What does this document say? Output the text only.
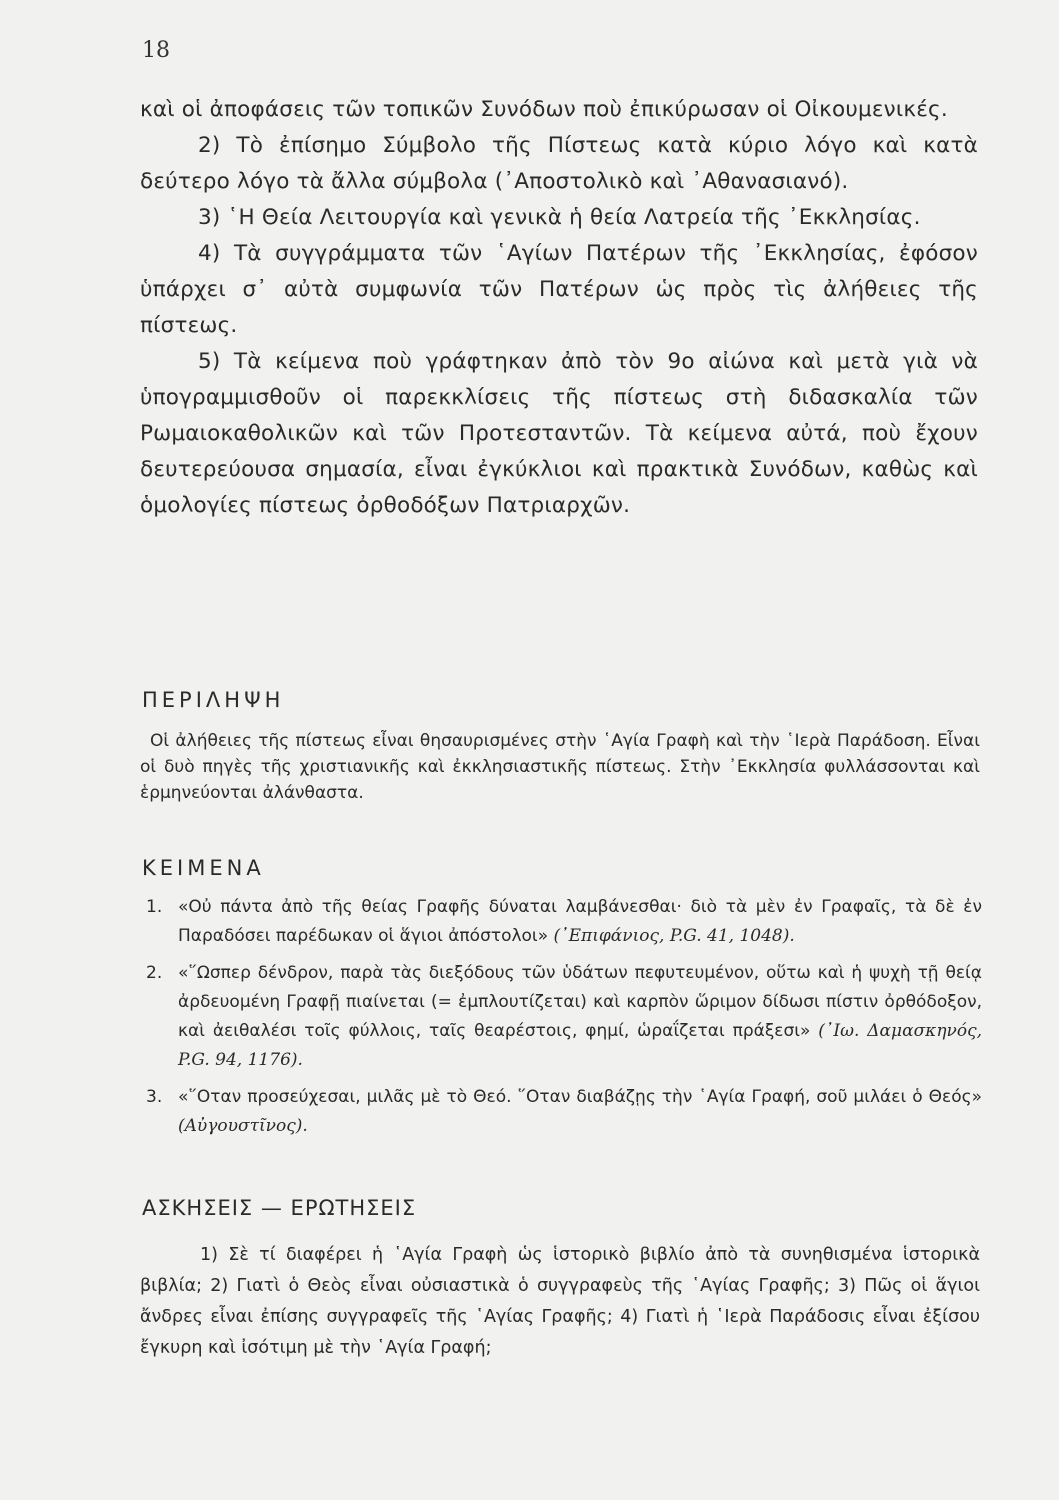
18

καὶ οἱ ἀποφάσεις τῶν τοπικῶν Συνόδων ποὺ ἐπικύρωσαν οἱ Οἰκουμενικές.

2) Τὸ ἐπίσημο Σύμβολο τῆς Πίστεως κατὰ κύριο λόγο καὶ κατὰ δεύτερο λόγο τὰ ἄλλα σύμβολα (᾿Αποστολικὸ καὶ ᾿Αθανασιανό).

3) ῾Η Θεία Λειτουργία καὶ γενικὰ ἡ θεία Λατρεία τῆς ᾿Εκκλησίας.

4) Τὰ συγγράμματα τῶν ῾Αγίων Πατέρων τῆς ᾿Εκκλησίας, ἐφόσον ὑπάρχει σ᾿ αὐτὰ συμφωνία τῶν Πατέρων ὡς πρὸς τὶς ἀλήθειες τῆς πίστεως.

5) Τὰ κείμενα ποὺ γράφτηκαν ἀπὸ τὸν 9ο αἰώνα καὶ μετὰ γιὰ νὰ ὑπογραμμισθοῦν οἱ παρεκκλίσεις τῆς πίστεως στὴ διδασκαλία τῶν Ρωμαιοκαθολικῶν καὶ τῶν Προτεσταντῶν. Τὰ κείμενα αὐτά, ποὺ ἔχουν δευτερεύουσα σημασία, εἶναι ἐγκύκλιοι καὶ πρακτικὰ Συνόδων, καθὼς καὶ ὁμολογίες πίστεως ὀρθοδόξων Πατριαρχῶν.

ΠΕΡΙΛΗΨΗ

Οἱ ἀλήθειες τῆς πίστεως εἶναι θησαυρισμένες στὴν ῾Αγία Γραφὴ καὶ τὴν ῾Ιερὰ Παράδοση. Εἶναι οἱ δυὸ πηγὲς τῆς χριστιανικῆς καὶ ἐκκλησιαστικῆς πίστεως. Στὴν ᾿Εκκλησία φυλλάσσονται καὶ ἑρμηνεύονται ἀλάνθαστα.

ΚΕΙΜΕΝΑ
1. «Οὐ πάντα ἀπὸ τῆς θείας Γραφῆς δύναται λαμβάνεσθαι· διὸ τὰ μὲν ἐν Γραφαῖς, τὰ δὲ ἐν Παραδόσει παρέδωκαν οἱ ἅγιοι ἀπόστολοι» (᾿Επιφάνιος, P.G. 41, 1048).
2. «῞Ωσπερ δένδρον, παρὰ τὰς διεξόδους τῶν ὑδάτων πεφυτευμένον, οὕτω καὶ ἡ ψυχὴ τῇ θείᾳ ἀρδευομένη Γραφῇ πιαίνεται (= ἐμπλουτίζεται) καὶ καρπὸν ὥριμον δίδωσι πίστιν ὀρθόδοξον, καὶ ἀειθαλέσι τοῖς φύλλοις, ταῖς θεαρέστοις, φημί, ὡραΐζεται πράξεσι» (᾿Ιω. Δαμασκηνός, P.G. 94, 1176).
3. «῞Οταν προσεύχεσαι, μιλᾶς μὲ τὸ Θεό. ῞Οταν διαβάζῃς τὴν ῾Αγία Γραφή, σοῦ μιλάει ὁ Θεός» (Αὐγουστῖνος).
ΑΣΚΗΣΕΙΣ — ΕΡΩΤΗΣΕΙΣ

1) Σὲ τί διαφέρει ἡ ῾Αγία Γραφὴ ὡς ἱστορικὸ βιβλίο ἀπὸ τὰ συνηθισμένα ἱστορικὰ βιβλία; 2) Γιατὶ ὁ Θεὸς εἶναι οὐσιαστικὰ ὁ συγγραφεὺς τῆς ῾Αγίας Γραφῆς; 3) Πῶς οἱ ἅγιοι ἄνδρες εἶναι ἐπίσης συγγραφεῖς τῆς ῾Αγίας Γραφῆς; 4) Γιατὶ ἡ ῾Ιερὰ Παράδοσις εἶναι ἐξίσου ἔγκυρη καὶ ἰσότιμη μὲ τὴν ῾Αγία Γραφή;
